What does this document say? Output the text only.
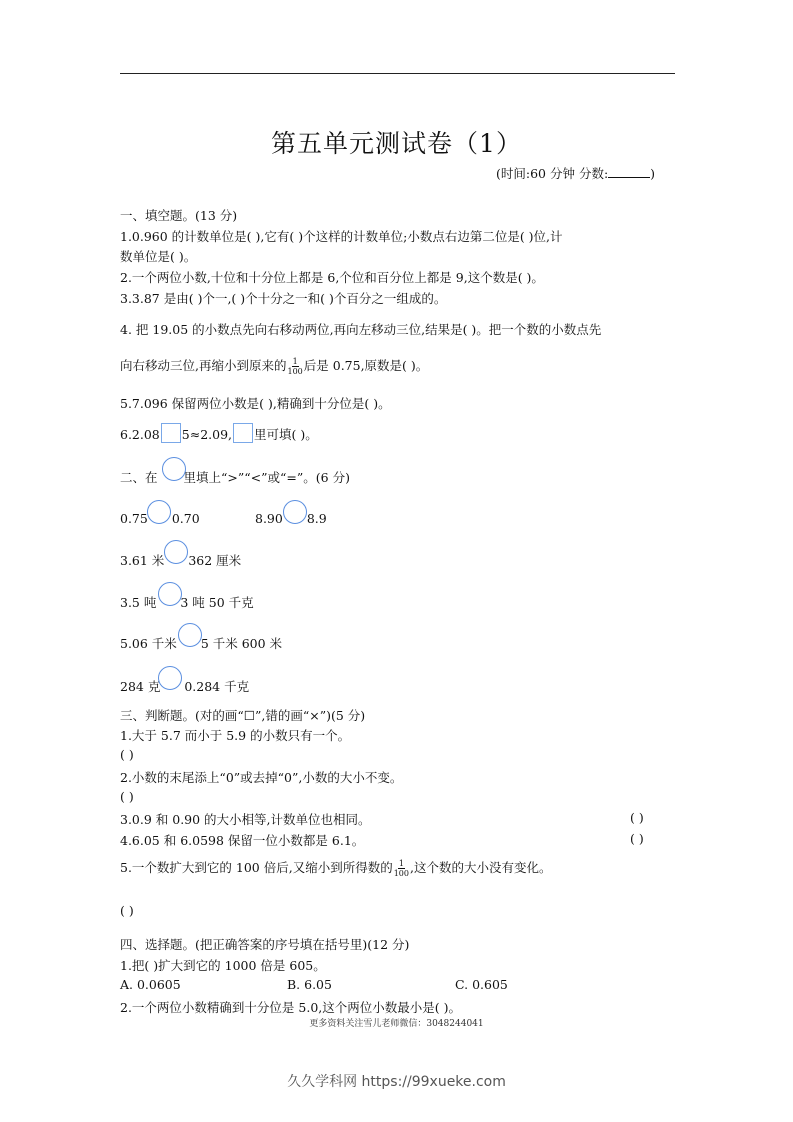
第五单元测试卷（1）
(时间:60 分钟 分数:	)
一、填空题。(13 分)
1.0.960 的计数单位是( ),它有( )个这样的计数单位;小数点右边第二位是( )位,计
数单位是( )。
2.一个两位小数,十位和十分位上都是 6,个位和百分位上都是 9,这个数是( )。
3.3.87 是由( )个一,( )个十分之一和( )个百分之一组成的。
4. 把 19.05 的小数点先向右移动两位,再向左移动三位,结果是( )。把一个数的小数点先
向右移动三位,再缩小到原来的 $\frac{1}{100}$ 后是 0.75,原数是( )。
5.7.096 保留两位小数是( ),精确到十分位是( )。
6.2.08 5≈2.09, 里可填( )。
二、在 里填上“>”“<”或“=”。(6 分)
0.75 0.70	8.90 8.9
3.61 米 362 厘米
3.5 吨 3 吨 50 千克
5.06 千米 5 千米 600 米
284 克 0.284 千克
三、判断题。(对的画“☐”,错的画“×”)(5 分)
1.大于 5.7 而小于 5.9 的小数只有一个。
( )
2.小数的末尾添上“0”或去掉“0”,小数的大小不变。
( )
3.0.9 和 0.90 的大小相等,计数单位也相同。	( )
4.6.05 和 6.0598 保留一位小数都是 6.1。	( )
5.一个数扩大到它的 100 倍后,又缩小到所得数的 $\frac{1}{100}$ ,这个数的大小没有变化。
( )
四、选择题。(把正确答案的序号填在括号里)(12 分)
1.把( )扩大到它的 1000 倍是 605。
A. 0.0605	B. 6.05	C. 0.605
2.一个两位小数精确到十分位是 5.0,这个两位小数最小是( )。
更多资料关注雪儿老师微信：3048244041
久久学科网 https://99xueke.com
